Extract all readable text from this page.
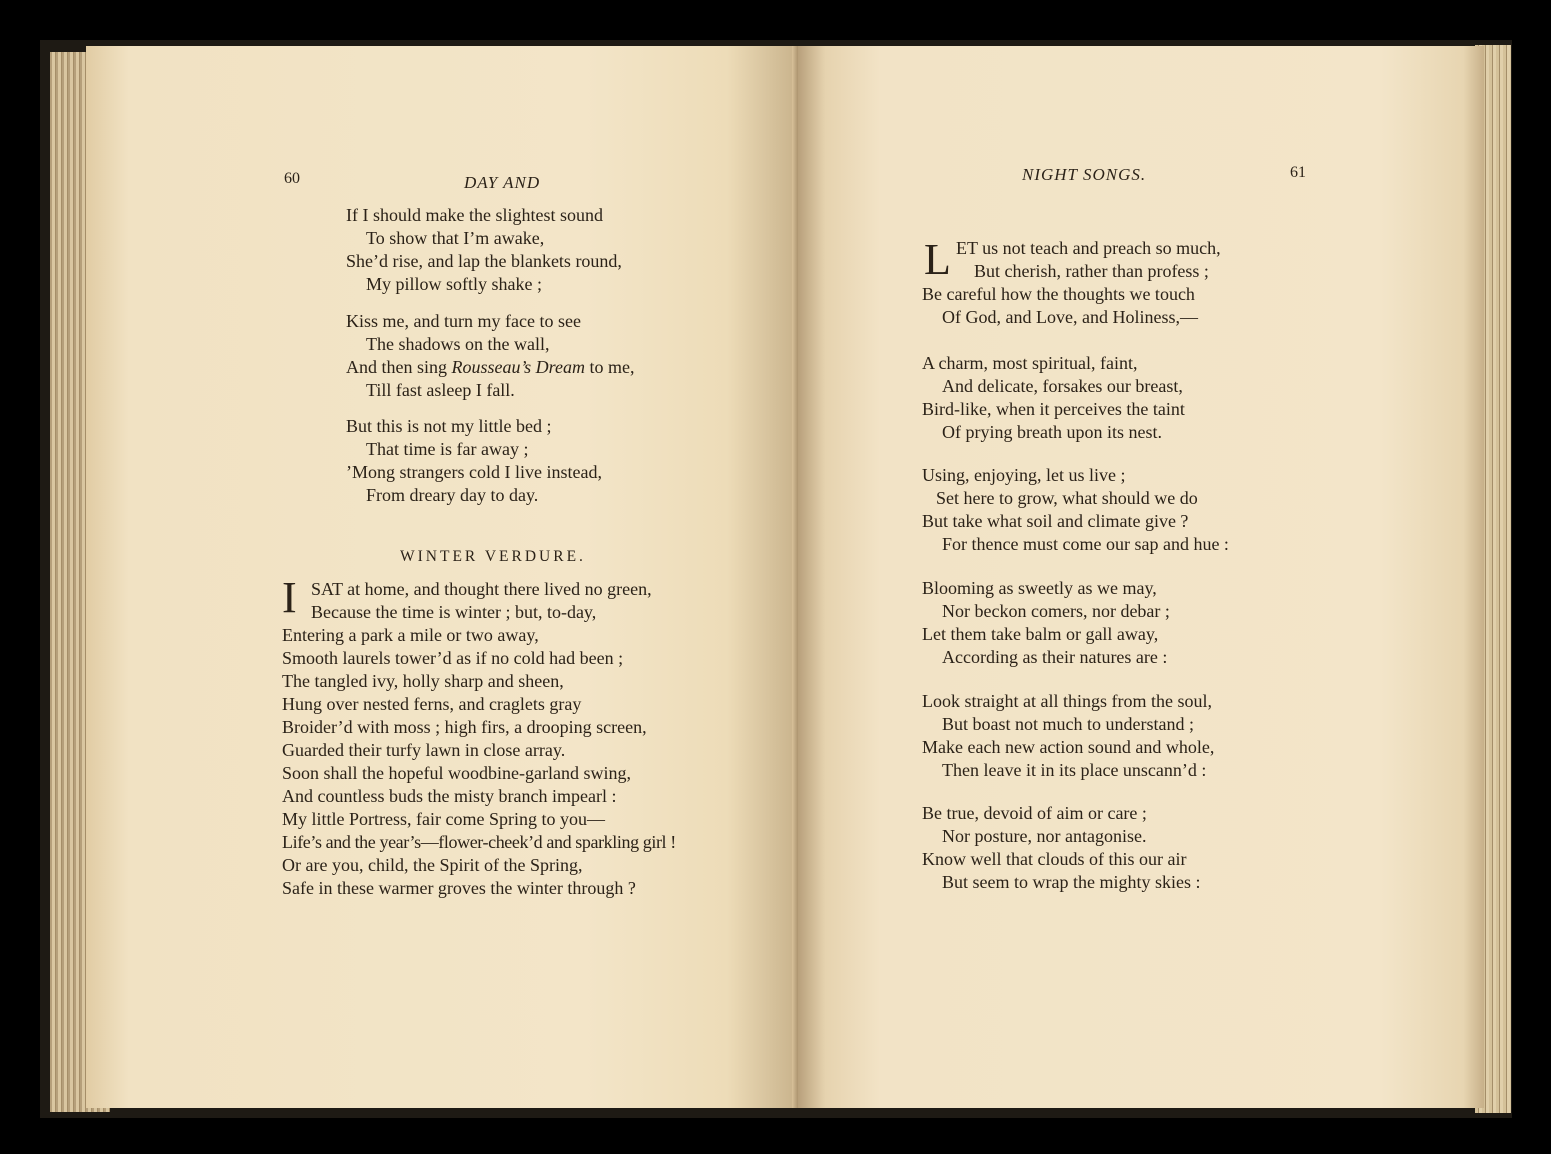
60	DAY AND
If I should make the slightest sound
To show that I’m awake,
She’d rise, and lap the blankets round,
My pillow softly shake ;
Kiss me, and turn my face to see
The shadows on the wall,
And then sing Rousseau’s Dream to me,
Till fast asleep I fall.
But this is not my little bed ;
That time is far away ;
’Mong strangers cold I live instead,
From dreary day to day.
WINTER VERDURE.
I SAT at home, and thought there lived no green,
Because the time is winter ; but, to-day,
Entering a park a mile or two away,
Smooth laurels tower’d as if no cold had been ;
The tangled ivy, holly sharp and sheen,
Hung over nested ferns, and craglets gray
Broider’d with moss ; high firs, a drooping screen,
Guarded their turfy lawn in close array.
Soon shall the hopeful woodbine-garland swing,
And countless buds the misty branch impearl :
My little Portress, fair come Spring to you—
Life’s and the year’s—flower-cheek’d and sparkling girl !
Or are you, child, the Spirit of the Spring,
Safe in these warmer groves the winter through ?
NIGHT SONGS.	61
L ET us not teach and preach so much,
But cherish, rather than profess ;
Be careful how the thoughts we touch
Of God, and Love, and Holiness,—
A charm, most spiritual, faint,
And delicate, forsakes our breast,
Bird-like, when it perceives the taint
Of prying breath upon its nest.
Using, enjoying, let us live ;
Set here to grow, what should we do
But take what soil and climate give ?
For thence must come our sap and hue :
Blooming as sweetly as we may,
Nor beckon comers, nor debar ;
Let them take balm or gall away,
According as their natures are :
Look straight at all things from the soul,
But boast not much to understand ;
Make each new action sound and whole,
Then leave it in its place unscann’d :
Be true, devoid of aim or care ;
Nor posture, nor antagonise.
Know well that clouds of this our air
But seem to wrap the mighty skies :
